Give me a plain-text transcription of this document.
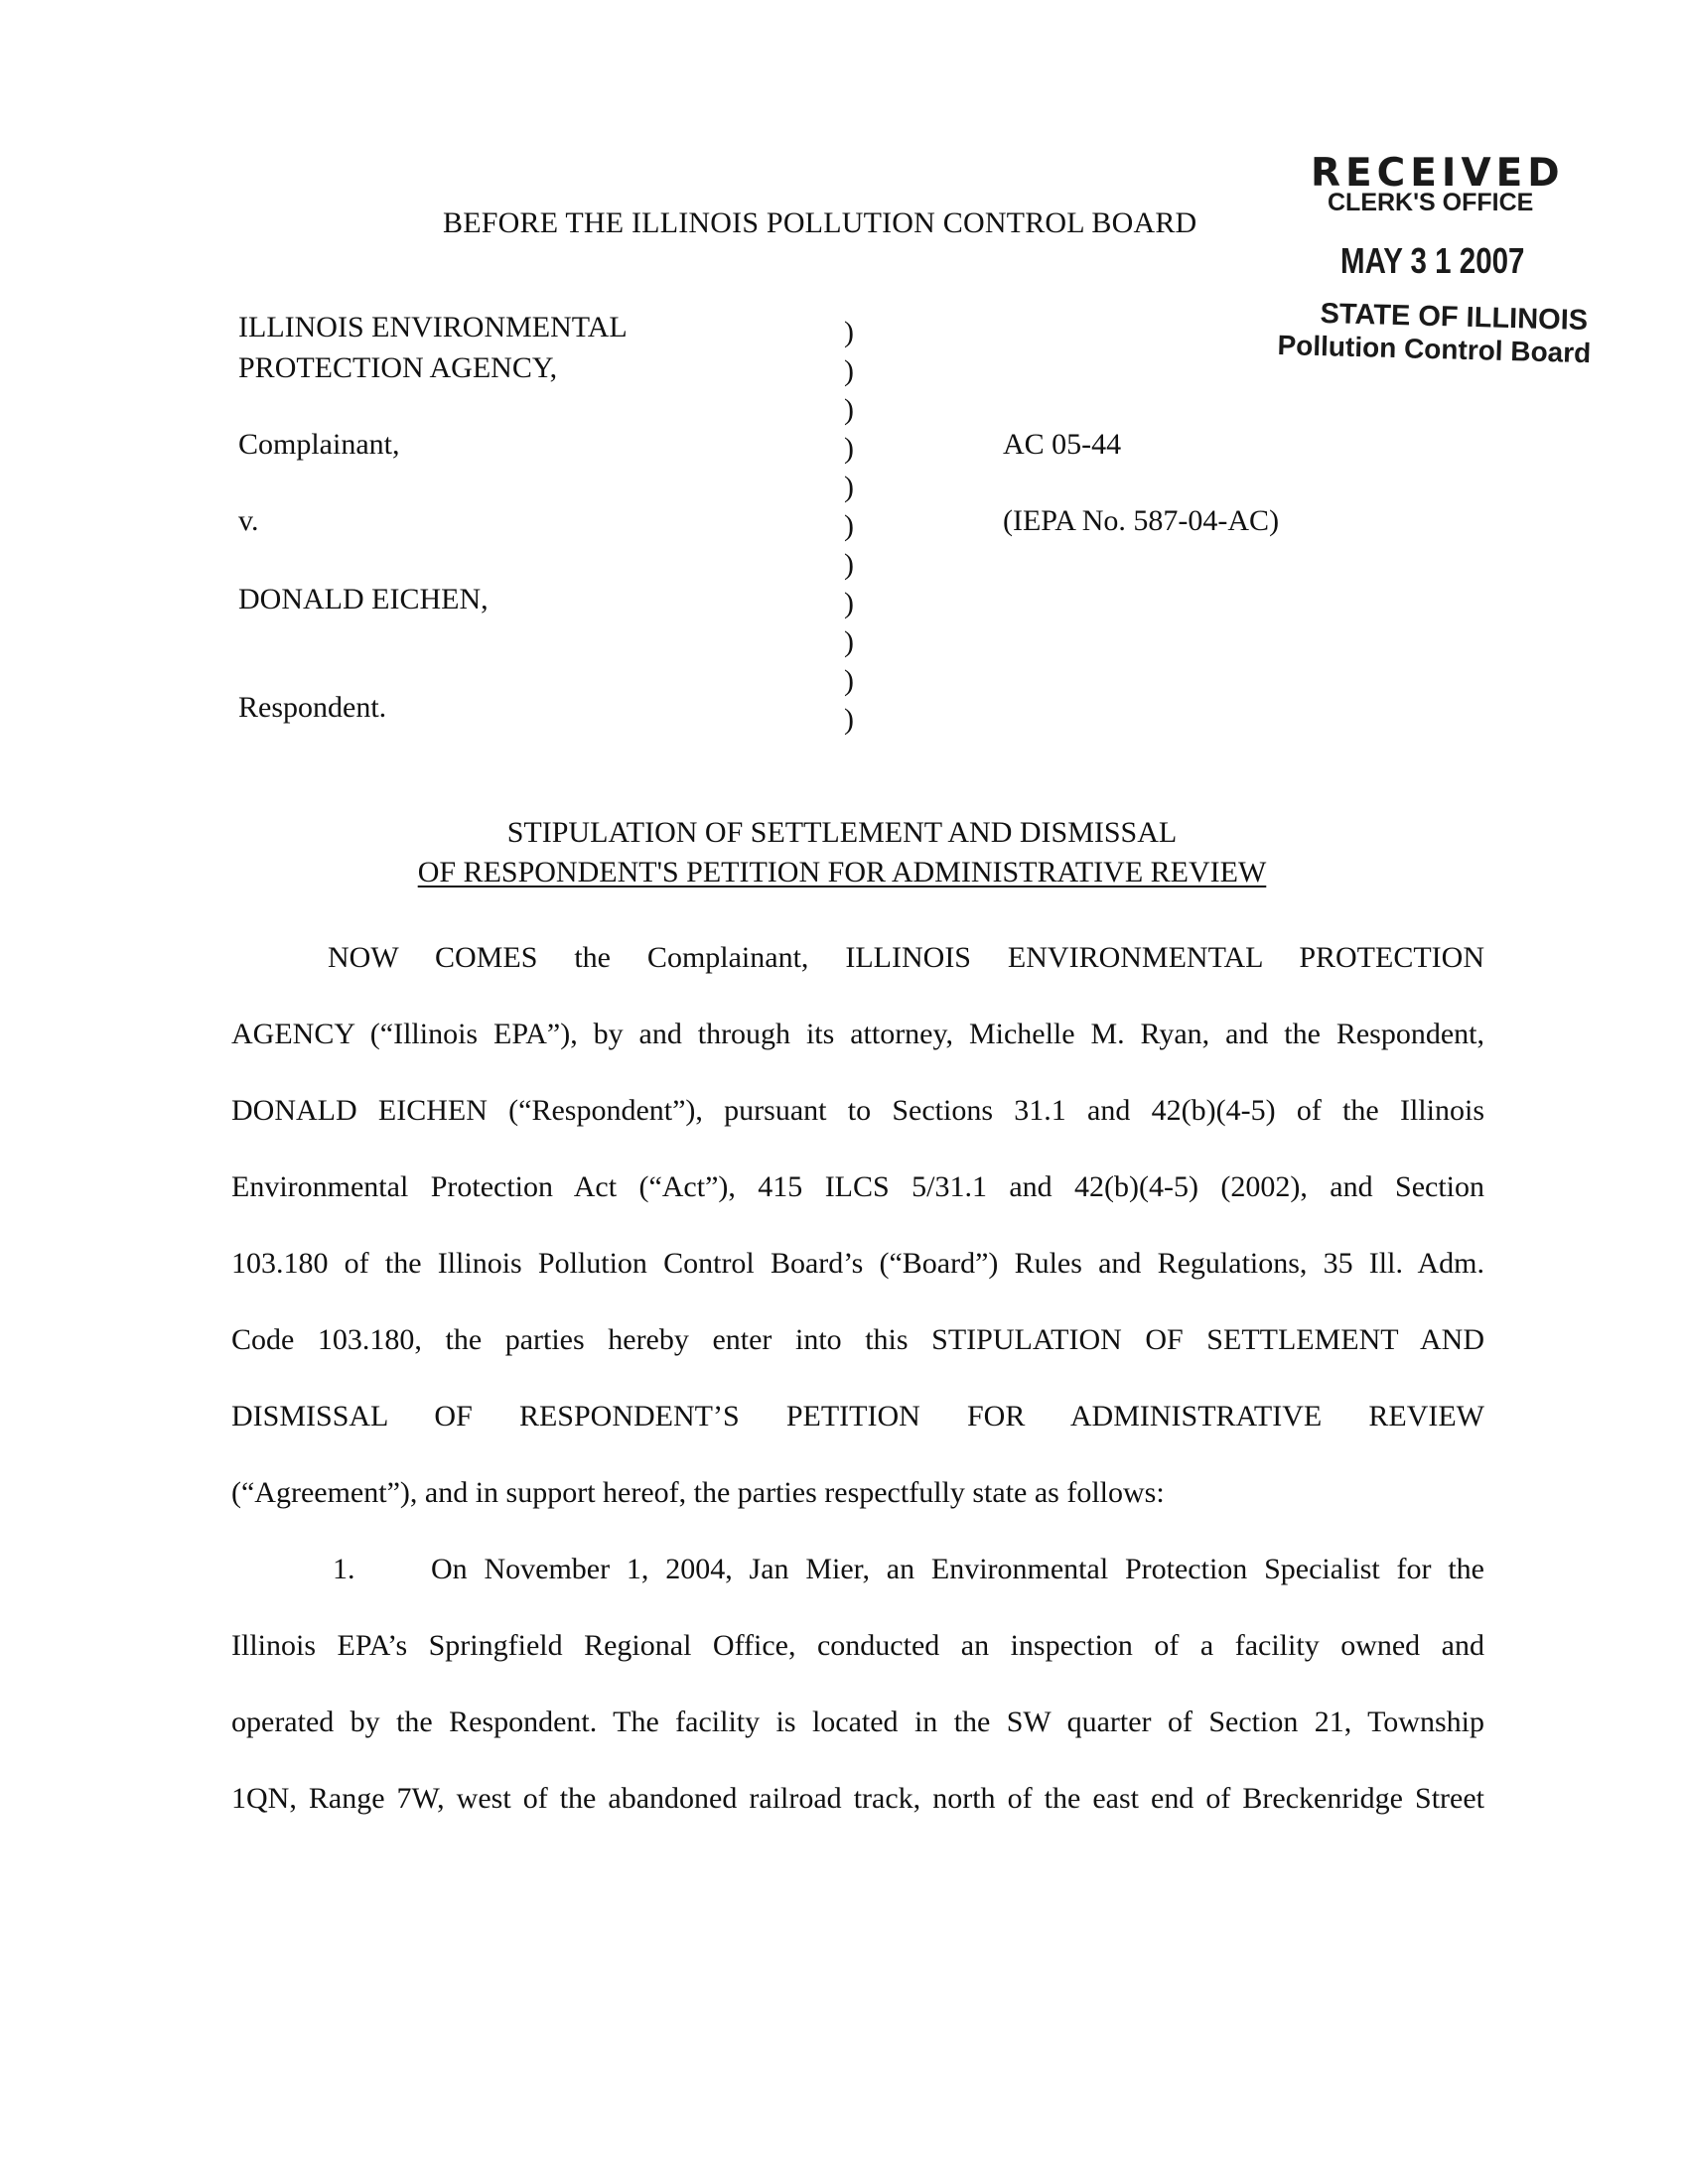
BEFORE THE ILLINOIS POLLUTION CONTROL BOARD
RECEIVED
CLERK'S OFFICE
MAY 3 1 2007
STATE OF ILLINOIS
Pollution Control Board
ILLINOIS ENVIRONMENTAL
PROTECTION AGENCY,
Complainant,
v.
DONALD EICHEN,
Respondent.
)
)
)
)
)
)
)
)
)
)
)
AC 05-44
(IEPA No. 587-04-AC)
STIPULATION OF SETTLEMENT AND DISMISSAL
OF RESPONDENT'S PETITION FOR ADMINISTRATIVE REVIEW
NOW COMES the Complainant, ILLINOIS ENVIRONMENTAL PROTECTION
AGENCY (“Illinois EPA”), by and through its attorney, Michelle M. Ryan, and the Respondent,
DONALD EICHEN (“Respondent”), pursuant to Sections 31.1 and 42(b)(4-5) of the Illinois
Environmental Protection Act (“Act”), 415 ILCS 5/31.1 and 42(b)(4-5) (2002), and Section
103.180 of the Illinois Pollution Control Board’s (“Board”) Rules and Regulations, 35 Ill. Adm.
Code 103.180, the parties hereby enter into this STIPULATION OF SETTLEMENT AND
DISMISSAL OF RESPONDENT’S PETITION FOR ADMINISTRATIVE REVIEW
(“Agreement”), and in support hereof, the parties respectfully state as follows:
1.	On November 1, 2004, Jan Mier, an Environmental Protection Specialist for the
Illinois EPA’s Springfield Regional Office, conducted an inspection of a facility owned and
operated by the Respondent. The facility is located in the SW quarter of Section 21, Township
1QN, Range 7W, west of the abandoned railroad track, north of the east end of Breckenridge Street
